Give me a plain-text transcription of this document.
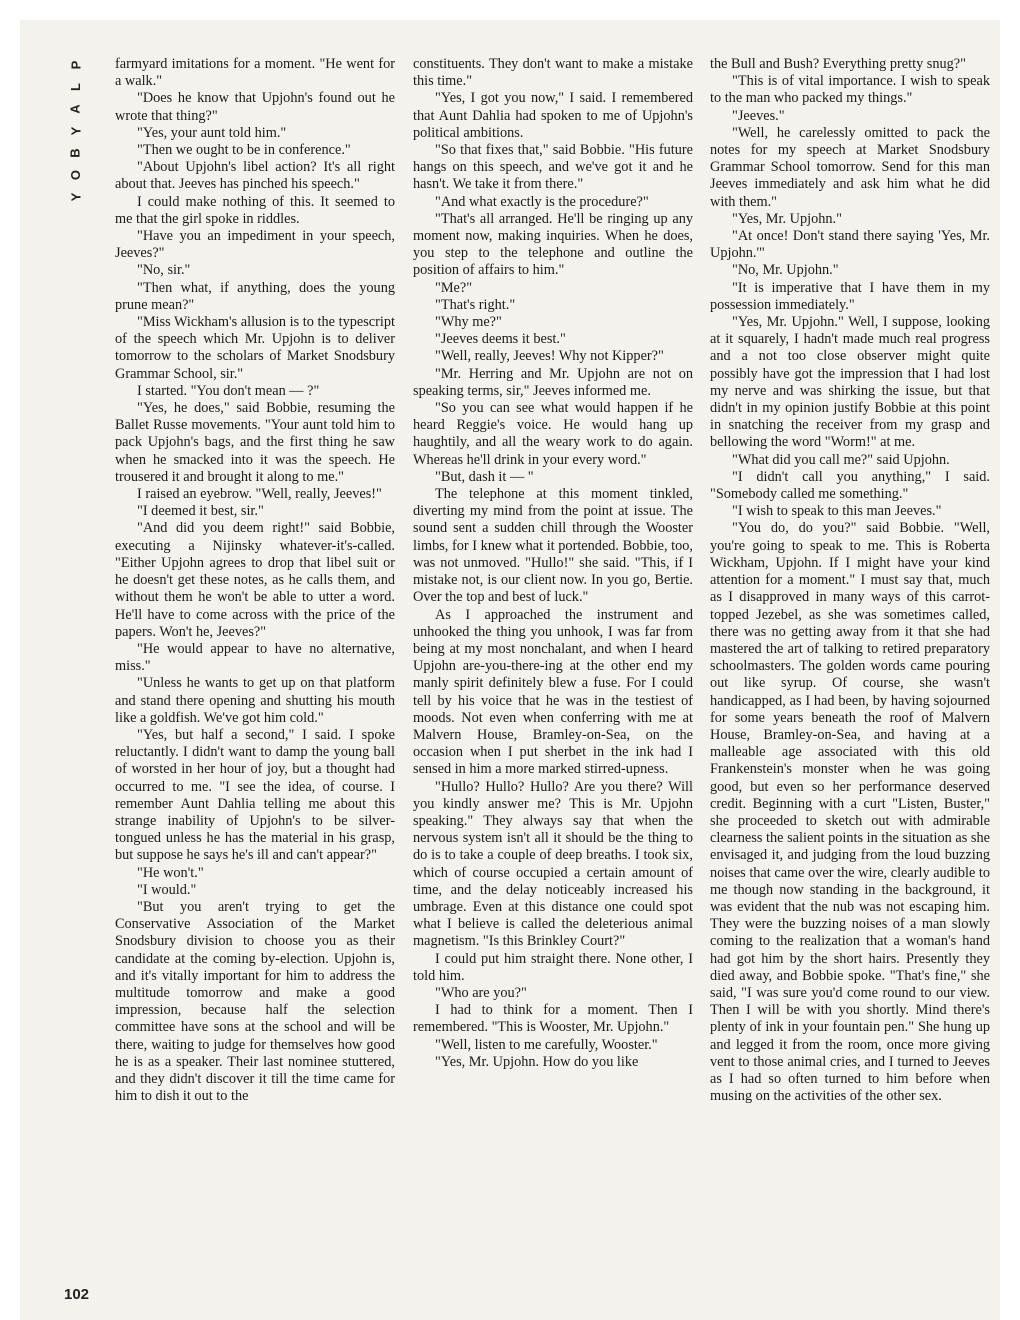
P
L
A
Y
B
O
Y

farmyard imitations for a moment. "He went for a walk."

"Does he know that Upjohn's found out he wrote that thing?"

"Yes, your aunt told him."

"Then we ought to be in conference."

"About Upjohn's libel action? It's all right about that. Jeeves has pinched his speech."

I could make nothing of this. It seemed to me that the girl spoke in riddles.

"Have you an impediment in your speech, Jeeves?"

"No, sir."

"Then what, if anything, does the young prune mean?"

"Miss Wickham's allusion is to the typescript of the speech which Mr. Upjohn is to deliver tomorrow to the scholars of Market Snodsbury Grammar School, sir."

I started. "You don't mean — ?"

"Yes, he does," said Bobbie, resuming the Ballet Russe movements. "Your aunt told him to pack Upjohn's bags, and the first thing he saw when he smacked into it was the speech. He trousered it and brought it along to me."

I raised an eyebrow. "Well, really, Jeeves!"

"I deemed it best, sir."

"And did you deem right!" said Bobbie, executing a Nijinsky whatever-it's-called. "Either Upjohn agrees to drop that libel suit or he doesn't get these notes, as he calls them, and without them he won't be able to utter a word. He'll have to come across with the price of the papers. Won't he, Jeeves?"

"He would appear to have no alternative, miss."

"Unless he wants to get up on that platform and stand there opening and shutting his mouth like a goldfish. We've got him cold."

"Yes, but half a second," I said. I spoke reluctantly. I didn't want to damp the young ball of worsted in her hour of joy, but a thought had occurred to me. "I see the idea, of course. I remember Aunt Dahlia telling me about this strange inability of Upjohn's to be silver-tongued unless he has the material in his grasp, but suppose he says he's ill and can't appear?"

"He won't."

"I would."

"But you aren't trying to get the Conservative Association of the Market Snodsbury division to choose you as their candidate at the coming by-election. Upjohn is, and it's vitally important for him to address the multitude tomorrow and make a good impression, because half the selection committee have sons at the school and will be there, waiting to judge for themselves how good he is as a speaker. Their last nominee stuttered, and they didn't discover it till the time came for him to dish it out to the

constituents. They don't want to make a mistake this time."

"Yes, I got you now," I said. I remembered that Aunt Dahlia had spoken to me of Upjohn's political ambitions.

"So that fixes that," said Bobbie. "His future hangs on this speech, and we've got it and he hasn't. We take it from there."

"And what exactly is the procedure?"

"That's all arranged. He'll be ringing up any moment now, making inquiries. When he does, you step to the telephone and outline the position of affairs to him."

"Me?"

"That's right."

"Why me?"

"Jeeves deems it best."

"Well, really, Jeeves! Why not Kipper?"

"Mr. Herring and Mr. Upjohn are not on speaking terms, sir," Jeeves informed me.

"So you can see what would happen if he heard Reggie's voice. He would hang up haughtily, and all the weary work to do again. Whereas he'll drink in your every word."

"But, dash it — "

The telephone at this moment tinkled, diverting my mind from the point at issue. The sound sent a sudden chill through the Wooster limbs, for I knew what it portended. Bobbie, too, was not unmoved. "Hullo!" she said. "This, if I mistake not, is our client now. In you go, Bertie. Over the top and best of luck."

As I approached the instrument and unhooked the thing you unhook, I was far from being at my most nonchalant, and when I heard Upjohn are-you-there-ing at the other end my manly spirit definitely blew a fuse. For I could tell by his voice that he was in the testiest of moods. Not even when conferring with me at Malvern House, Bramley-on-Sea, on the occasion when I put sherbet in the ink had I sensed in him a more marked stirred-upness.

"Hullo? Hullo? Hullo? Are you there? Will you kindly answer me? This is Mr. Upjohn speaking." They always say that when the nervous system isn't all it should be the thing to do is to take a couple of deep breaths. I took six, which of course occupied a certain amount of time, and the delay noticeably increased his umbrage. Even at this distance one could spot what I believe is called the deleterious animal magnetism. "Is this Brinkley Court?"

I could put him straight there. None other, I told him.

"Who are you?"

I had to think for a moment. Then I remembered. "This is Wooster, Mr. Upjohn."

"Well, listen to me carefully, Wooster."

"Yes, Mr. Upjohn. How do you like

the Bull and Bush? Everything pretty snug?"

"This is of vital importance. I wish to speak to the man who packed my things."

"Jeeves."

"Well, he carelessly omitted to pack the notes for my speech at Market Snodsbury Grammar School tomorrow. Send for this man Jeeves immediately and ask him what he did with them."

"Yes, Mr. Upjohn."

"At once! Don't stand there saying 'Yes, Mr. Upjohn.'"

"No, Mr. Upjohn."

"It is imperative that I have them in my possession immediately."

"Yes, Mr. Upjohn." Well, I suppose, looking at it squarely, I hadn't made much real progress and a not too close observer might quite possibly have got the impression that I had lost my nerve and was shirking the issue, but that didn't in my opinion justify Bobbie at this point in snatching the receiver from my grasp and bellowing the word "Worm!" at me.

"What did you call me?" said Upjohn.

"I didn't call you anything," I said. "Somebody called me something."

"I wish to speak to this man Jeeves."

"You do, do you?" said Bobbie. "Well, you're going to speak to me. This is Roberta Wickham, Upjohn. If I might have your kind attention for a moment." I must say that, much as I disapproved in many ways of this carrot-topped Jezebel, as she was sometimes called, there was no getting away from it that she had mastered the art of talking to retired preparatory schoolmasters. The golden words came pouring out like syrup. Of course, she wasn't handicapped, as I had been, by having sojourned for some years beneath the roof of Malvern House, Bramley-on-Sea, and having at a malleable age associated with this old Frankenstein's monster when he was going good, but even so her performance deserved credit. Beginning with a curt "Listen, Buster," she proceeded to sketch out with admirable clearness the salient points in the situation as she envisaged it, and judging from the loud buzzing noises that came over the wire, clearly audible to me though now standing in the background, it was evident that the nub was not escaping him. They were the buzzing noises of a man slowly coming to the realization that a woman's hand had got him by the short hairs. Presently they died away, and Bobbie spoke. "That's fine," she said, "I was sure you'd come round to our view. Then I will be with you shortly. Mind there's plenty of ink in your fountain pen." She hung up and legged it from the room, once more giving vent to those animal cries, and I turned to Jeeves as I had so often turned to him before when musing on the activities of the other sex.

102
